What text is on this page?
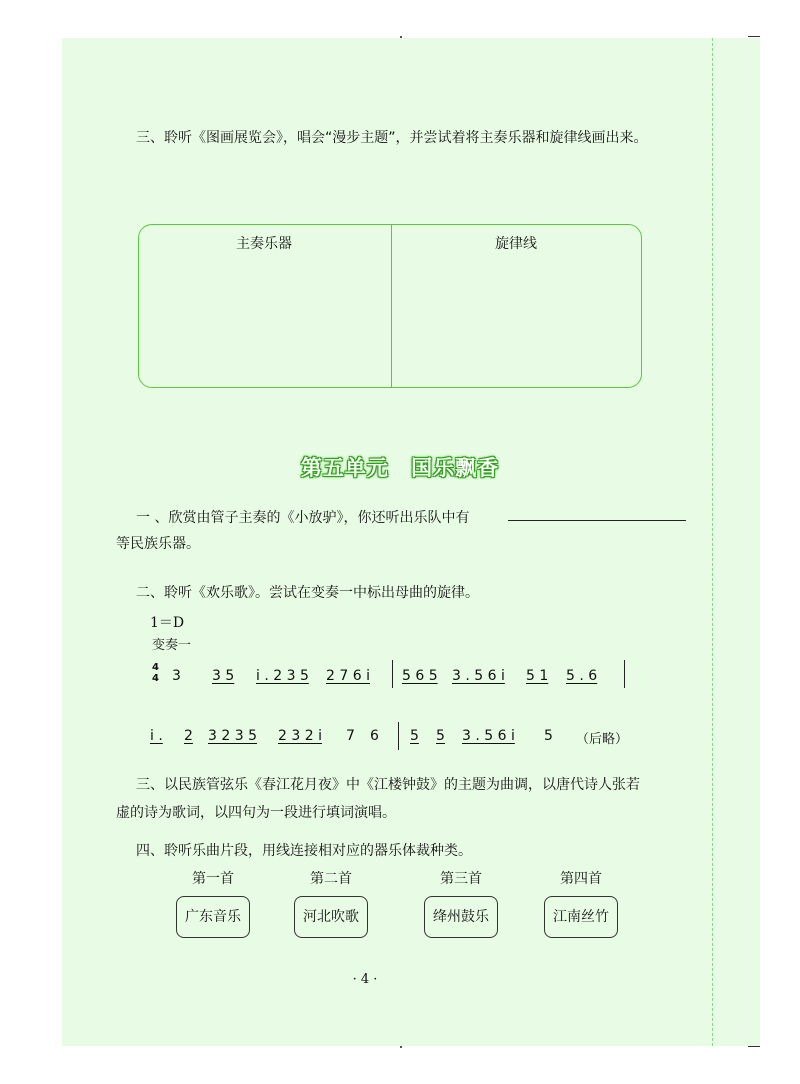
三、聆听《图画展览会》，唱会“漫步主题”，并尝试着将主奏乐器和旋律线画出来。
主奏乐器	旋律线
第五单元 国乐飘香
一 、欣赏由管子主奏的《小放驴》，你还听出乐队中有
等民族乐器。
二、聆听《欢乐歌》。尝试在变奏一中标出母曲的旋律。
1＝D
变奏一
4
4 3 3 5 i . 2 3 5 2 7 6 i 5 6 5 3 . 5 6 i 5 1 5 . 6
i . 2 3 2 3 5 2 3 2 i 7 6 5 5 3 . 5 6 i 5 （后略）
三、以民族管弦乐《春江花月夜》中《江楼钟鼓》的主题为曲调，以唐代诗人张若
虚的诗为歌词，以四句为一段进行填词演唱。
四、聆听乐曲片段，用线连接相对应的器乐体裁种类。
第一首	第二首	第三首	第四首
广东音乐	河北吹歌	绛州鼓乐	江南丝竹
· 4 ·
